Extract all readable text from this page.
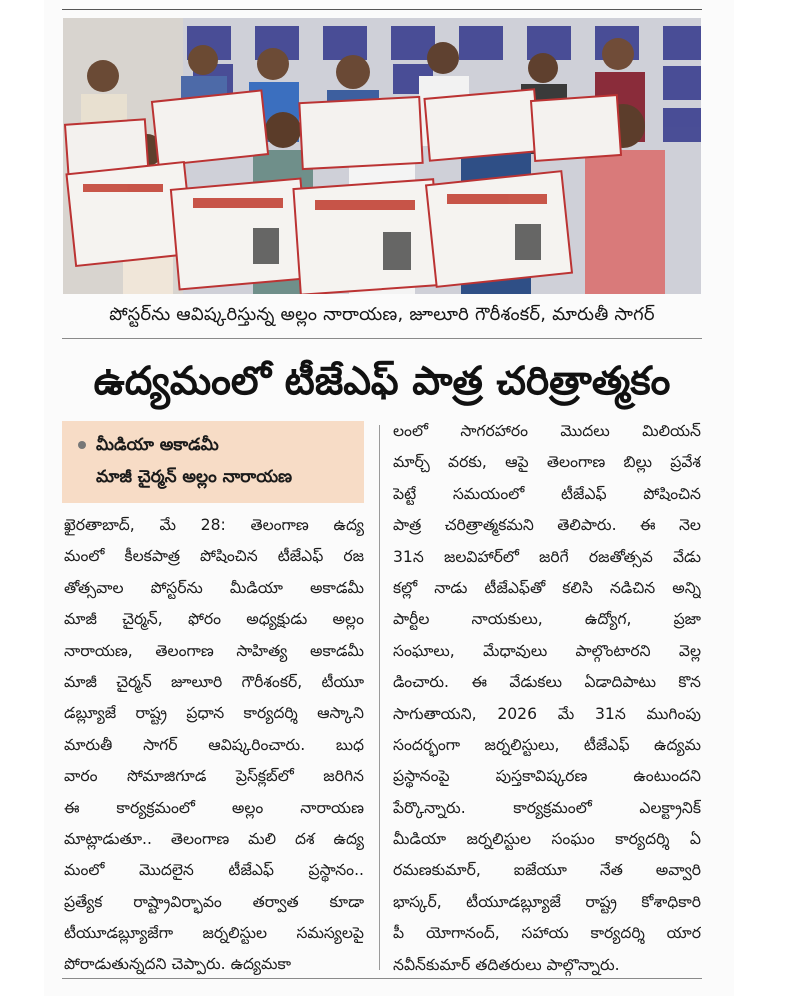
పోస్టర్‌ను ఆవిష్కరిస్తున్న అల్లం నారాయణ, జూలూరి గౌరీశంకర్, మారుతీ సాగర్
ఉద్యమంలో టీజేఎఫ్ పాత్ర చరిత్రాత్మకం
మీడియా అకాడమీ
మాజీ చైర్మన్ అల్లం నారాయణ
ఖైరతాబాద్, మే 28: తెలంగాణ ఉద్య
మంలో కీలకపాత్ర పోషించిన టీజేఎఫ్ రజ
తోత్సవాల పోస్టర్‌ను మీడియా అకాడమీ
మాజీ చైర్మన్, ఫోరం అధ్యక్షుడు అల్లం
నారాయణ, తెలంగాణ సాహిత్య అకాడమీ
మాజీ చైర్మన్ జూలూరి గౌరీశంకర్, టీయూ
డబ్ల్యూజే రాష్ట్ర ప్రధాన కార్యదర్శి ఆస్కాని
మారుతీ సాగర్ ఆవిష్కరించారు. బుధ
వారం సోమాజిగూడ ప్రెస్‌క్లబ్‌లో జరిగిన
ఈ కార్యక్రమంలో అల్లం నారాయణ
మాట్లాడుతూ.. తెలంగాణ మలి దశ ఉద్య
మంలో మొదలైన టీజేఎఫ్ ప్రస్థానం..
ప్రత్యేక రాష్ట్రావిర్భావం తర్వాత కూడా
టీయూడబ్ల్యూజేగా జర్నలిస్టుల సమస్యలపై
పోరాడుతున్నదని చెప్పారు. ఉద్యమకా
లంలో సాగరహారం మొదలు మిలియన్
మార్చ్ వరకు, ఆపై తెలంగాణ బిల్లు ప్రవేశ
పెట్టే సమయంలో టీజేఎఫ్ పోషించిన
పాత్ర చరిత్రాత్మకమని తెలిపారు. ఈ నెల
31న జలవిహార్‌లో జరిగే రజతోత్సవ వేడు
కల్లో నాడు టీజేఎఫ్‌తో కలిసి నడిచిన అన్ని
పార్టీల నాయకులు, ఉద్యోగ, ప్రజా
సంఘాలు, మేధావులు పాల్గొంటారని వెల్ల
డించారు. ఈ వేడుకలు ఏడాదిపాటు కొన
సాగుతాయని, 2026 మే 31న ముగింపు
సందర్భంగా జర్నలిస్టులు, టీజేఎఫ్ ఉద్యమ
ప్రస్థానంపై పుస్తకావిష్కరణ ఉంటుందని
పేర్కొన్నారు. కార్యక్రమంలో ఎలక్ట్రానిక్
మీడియా జర్నలిస్టుల సంఘం కార్యదర్శి ఏ
రమణకుమార్, ఐజేయూ నేత అవ్వారి
భాస్కర్, టీయూడబ్ల్యూజే రాష్ట్ర కోశాధికారి
పీ యోగానంద్, సహాయ కార్యదర్శి యార
నవీన్‌కుమార్ తదితరులు పాల్గొన్నారు.
